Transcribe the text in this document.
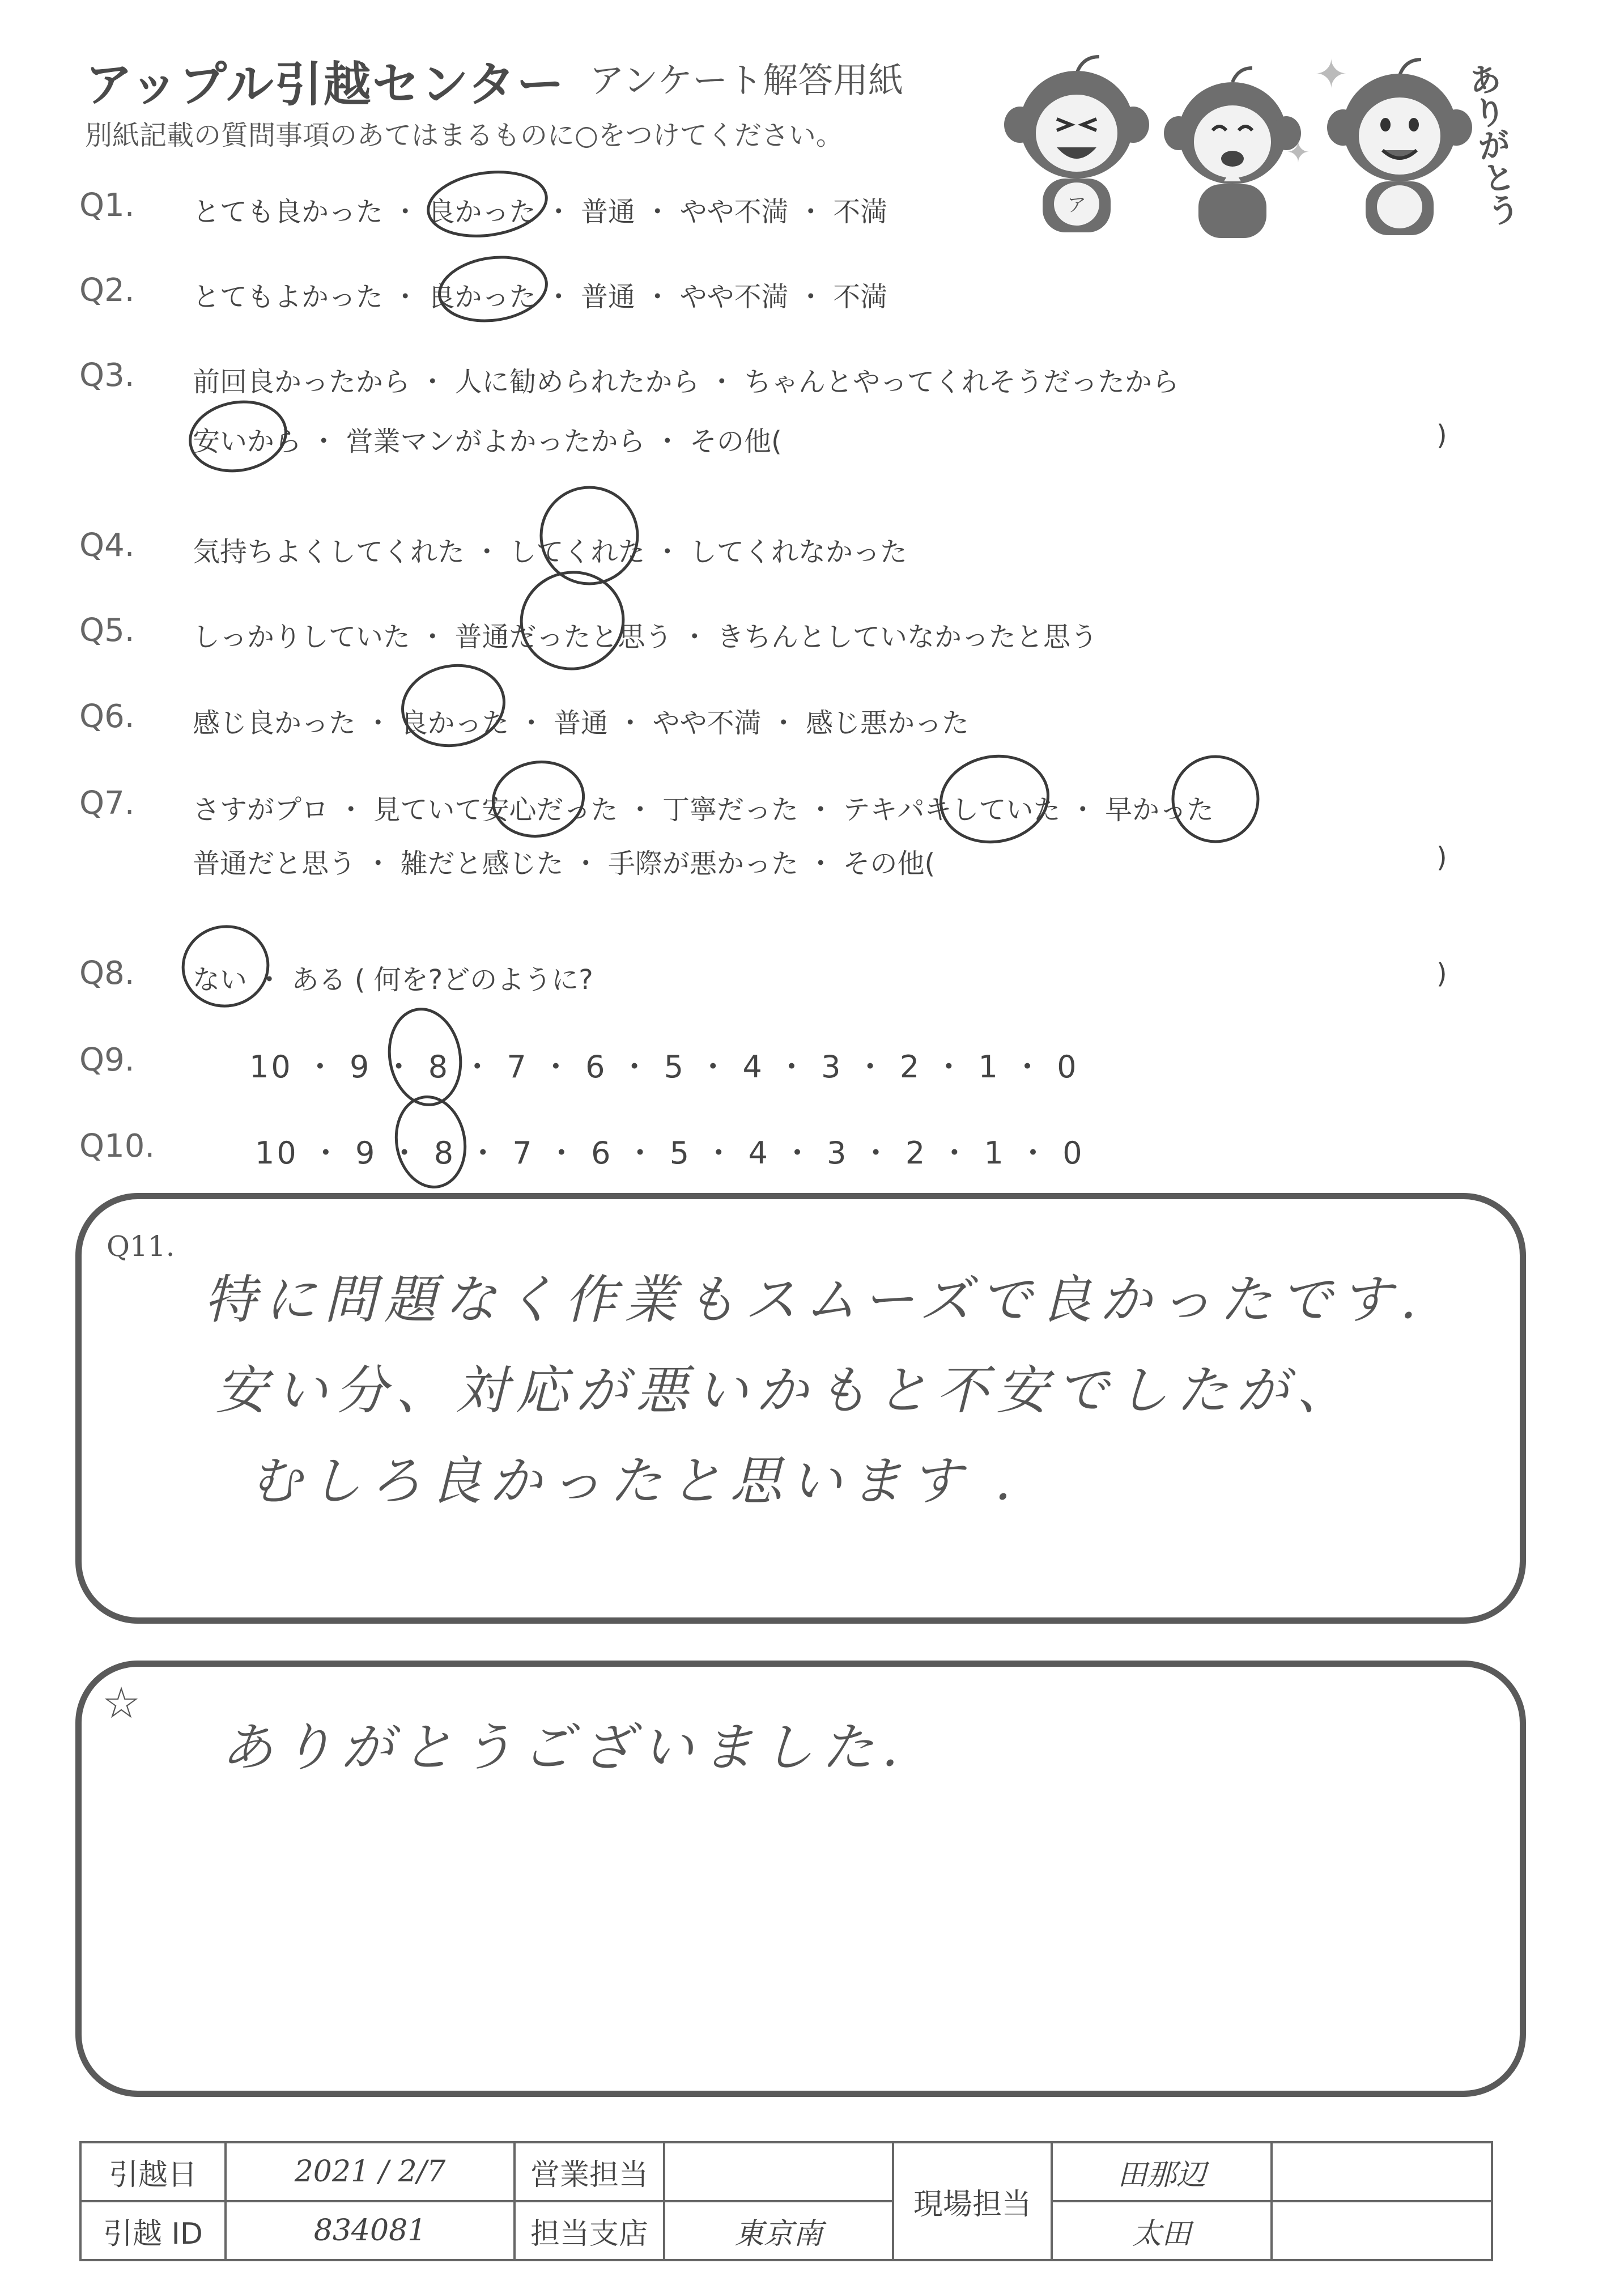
アップル引越センター アンケート解答用紙
別紙記載の質問事項のあてはまるものに○をつけてください。
ア
✦
✦	ありがとう
Q1. とても良かった ・ 良かった ・ 普通 ・ やや不満 ・ 不満
Q2. とてもよかった ・ 良かった ・ 普通 ・ やや不満 ・ 不満
Q3. 前回良かったから ・ 人に勧められたから ・ ちゃんとやってくれそうだったから
安いから ・ 営業マンがよかったから ・ その他(	)
Q4. 気持ちよくしてくれた ・ してくれた ・ してくれなかった
Q5. しっかりしていた ・ 普通だったと思う ・ きちんとしていなかったと思う
Q6. 感じ良かった ・ 良かった ・ 普通 ・ やや不満 ・ 感じ悪かった
Q7. さすがプロ ・ 見ていて安心だった ・ 丁寧だった ・ テキパキしていた ・ 早かった
普通だと思う ・ 雑だと感じた ・ 手際が悪かった ・ その他(	)
Q8. ない ・ ある ( 何を?どのように?	)
Q9.	10 ・ 9 ・ 8 ・ 7 ・ 6 ・ 5 ・ 4 ・ 3 ・ 2 ・ 1 ・ 0
Q10.	10 ・ 9 ・ 8 ・ 7 ・ 6 ・ 5 ・ 4 ・ 3 ・ 2 ・ 1 ・ 0
Q11.
特に問題なく作業もスムーズで良かったです.
安い分、対応が悪いかもと不安でしたが、
むしろ良かったと思います .
☆
ありがとうございました.
引越日	2021 / 2/7	営業担当		現場担当	田那辺	
引越 ID	834081	担当支店	東京南		太田	
